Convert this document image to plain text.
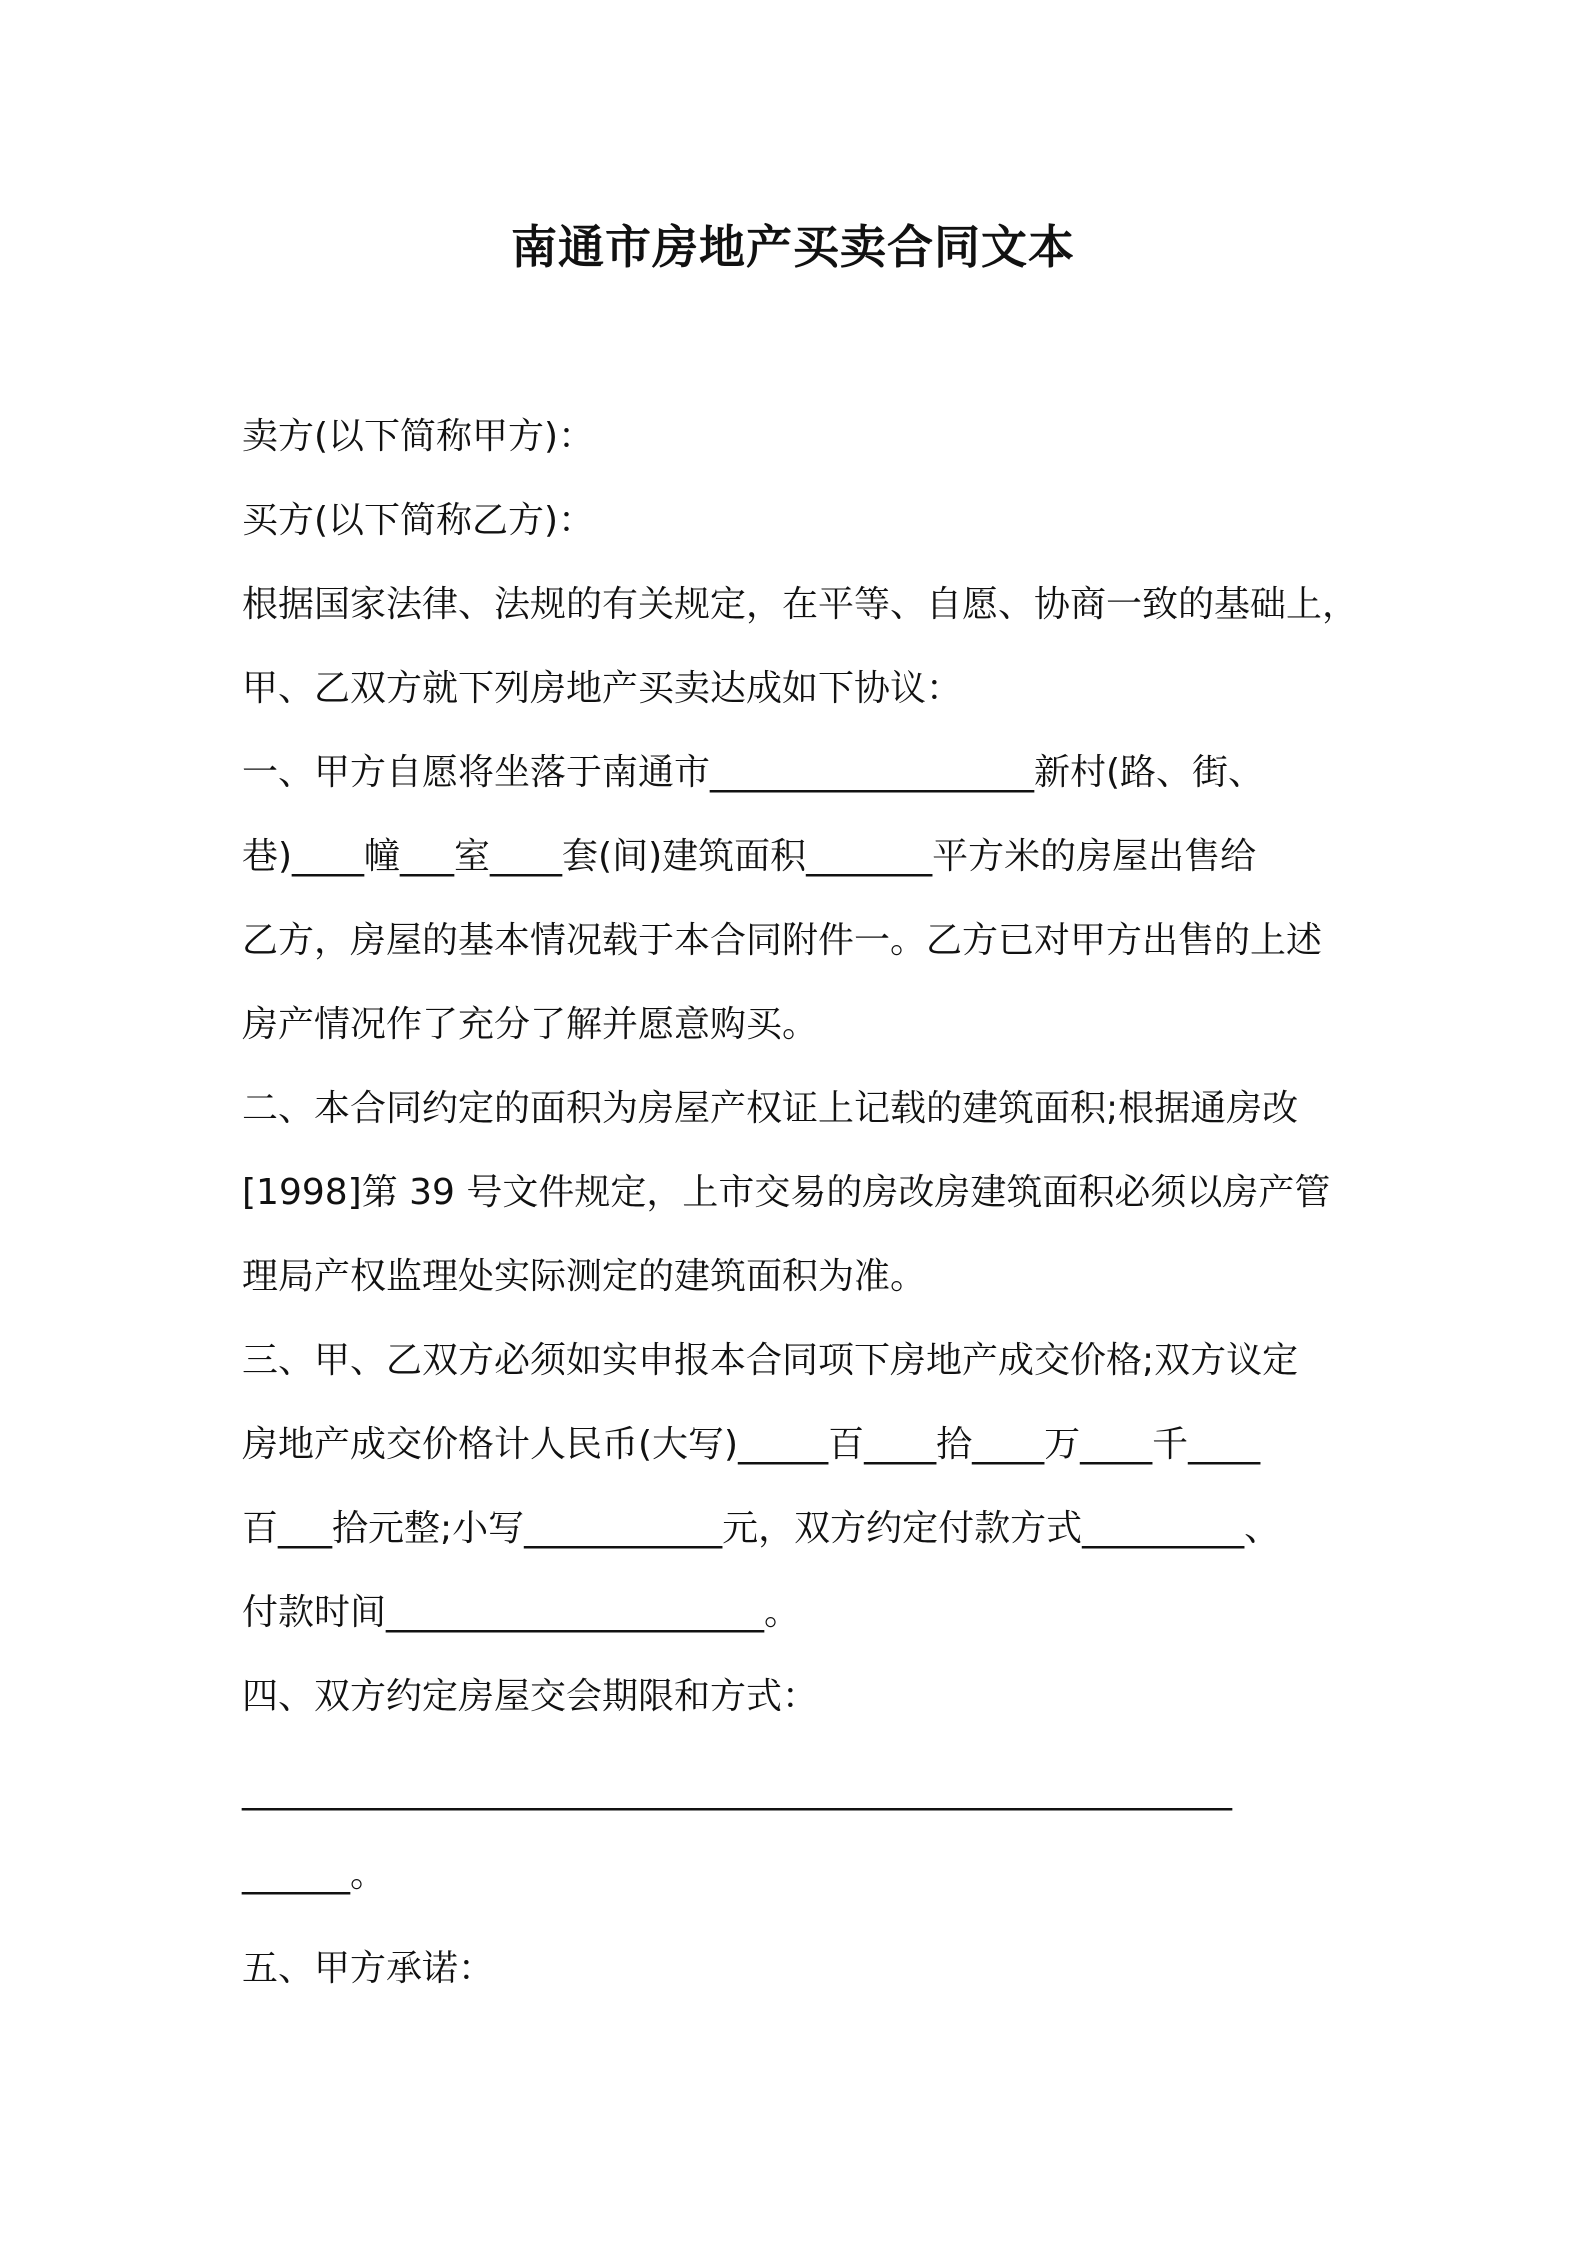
南通市房地产买卖合同文本

卖方(以下简称甲方)：

买方(以下简称乙方)：

根据国家法律、法规的有关规定，在平等、自愿、协商一致的基础上，

甲、乙双方就下列房地产买卖达成如下协议：

一、甲方自愿将坐落于南通市__________________新村(路、街、

巷)____幢___室____套(间)建筑面积_______平方米的房屋出售给

乙方，房屋的基本情况载于本合同附件一。乙方已对甲方出售的上述

房产情况作了充分了解并愿意购买。

二、本合同约定的面积为房屋产权证上记载的建筑面积;根据通房改

[1998]第 39 号文件规定，上市交易的房改房建筑面积必须以房产管

理局产权监理处实际测定的建筑面积为准。

三、甲、乙双方必须如实申报本合同项下房地产成交价格;双方议定

房地产成交价格计人民币(大写)_____百____拾____万____千____

百___拾元整;小写___________元，双方约定付款方式_________、

付款时间_____________________。

四、双方约定房屋交会期限和方式：

_______________________________________________________

______。

五、甲方承诺：
